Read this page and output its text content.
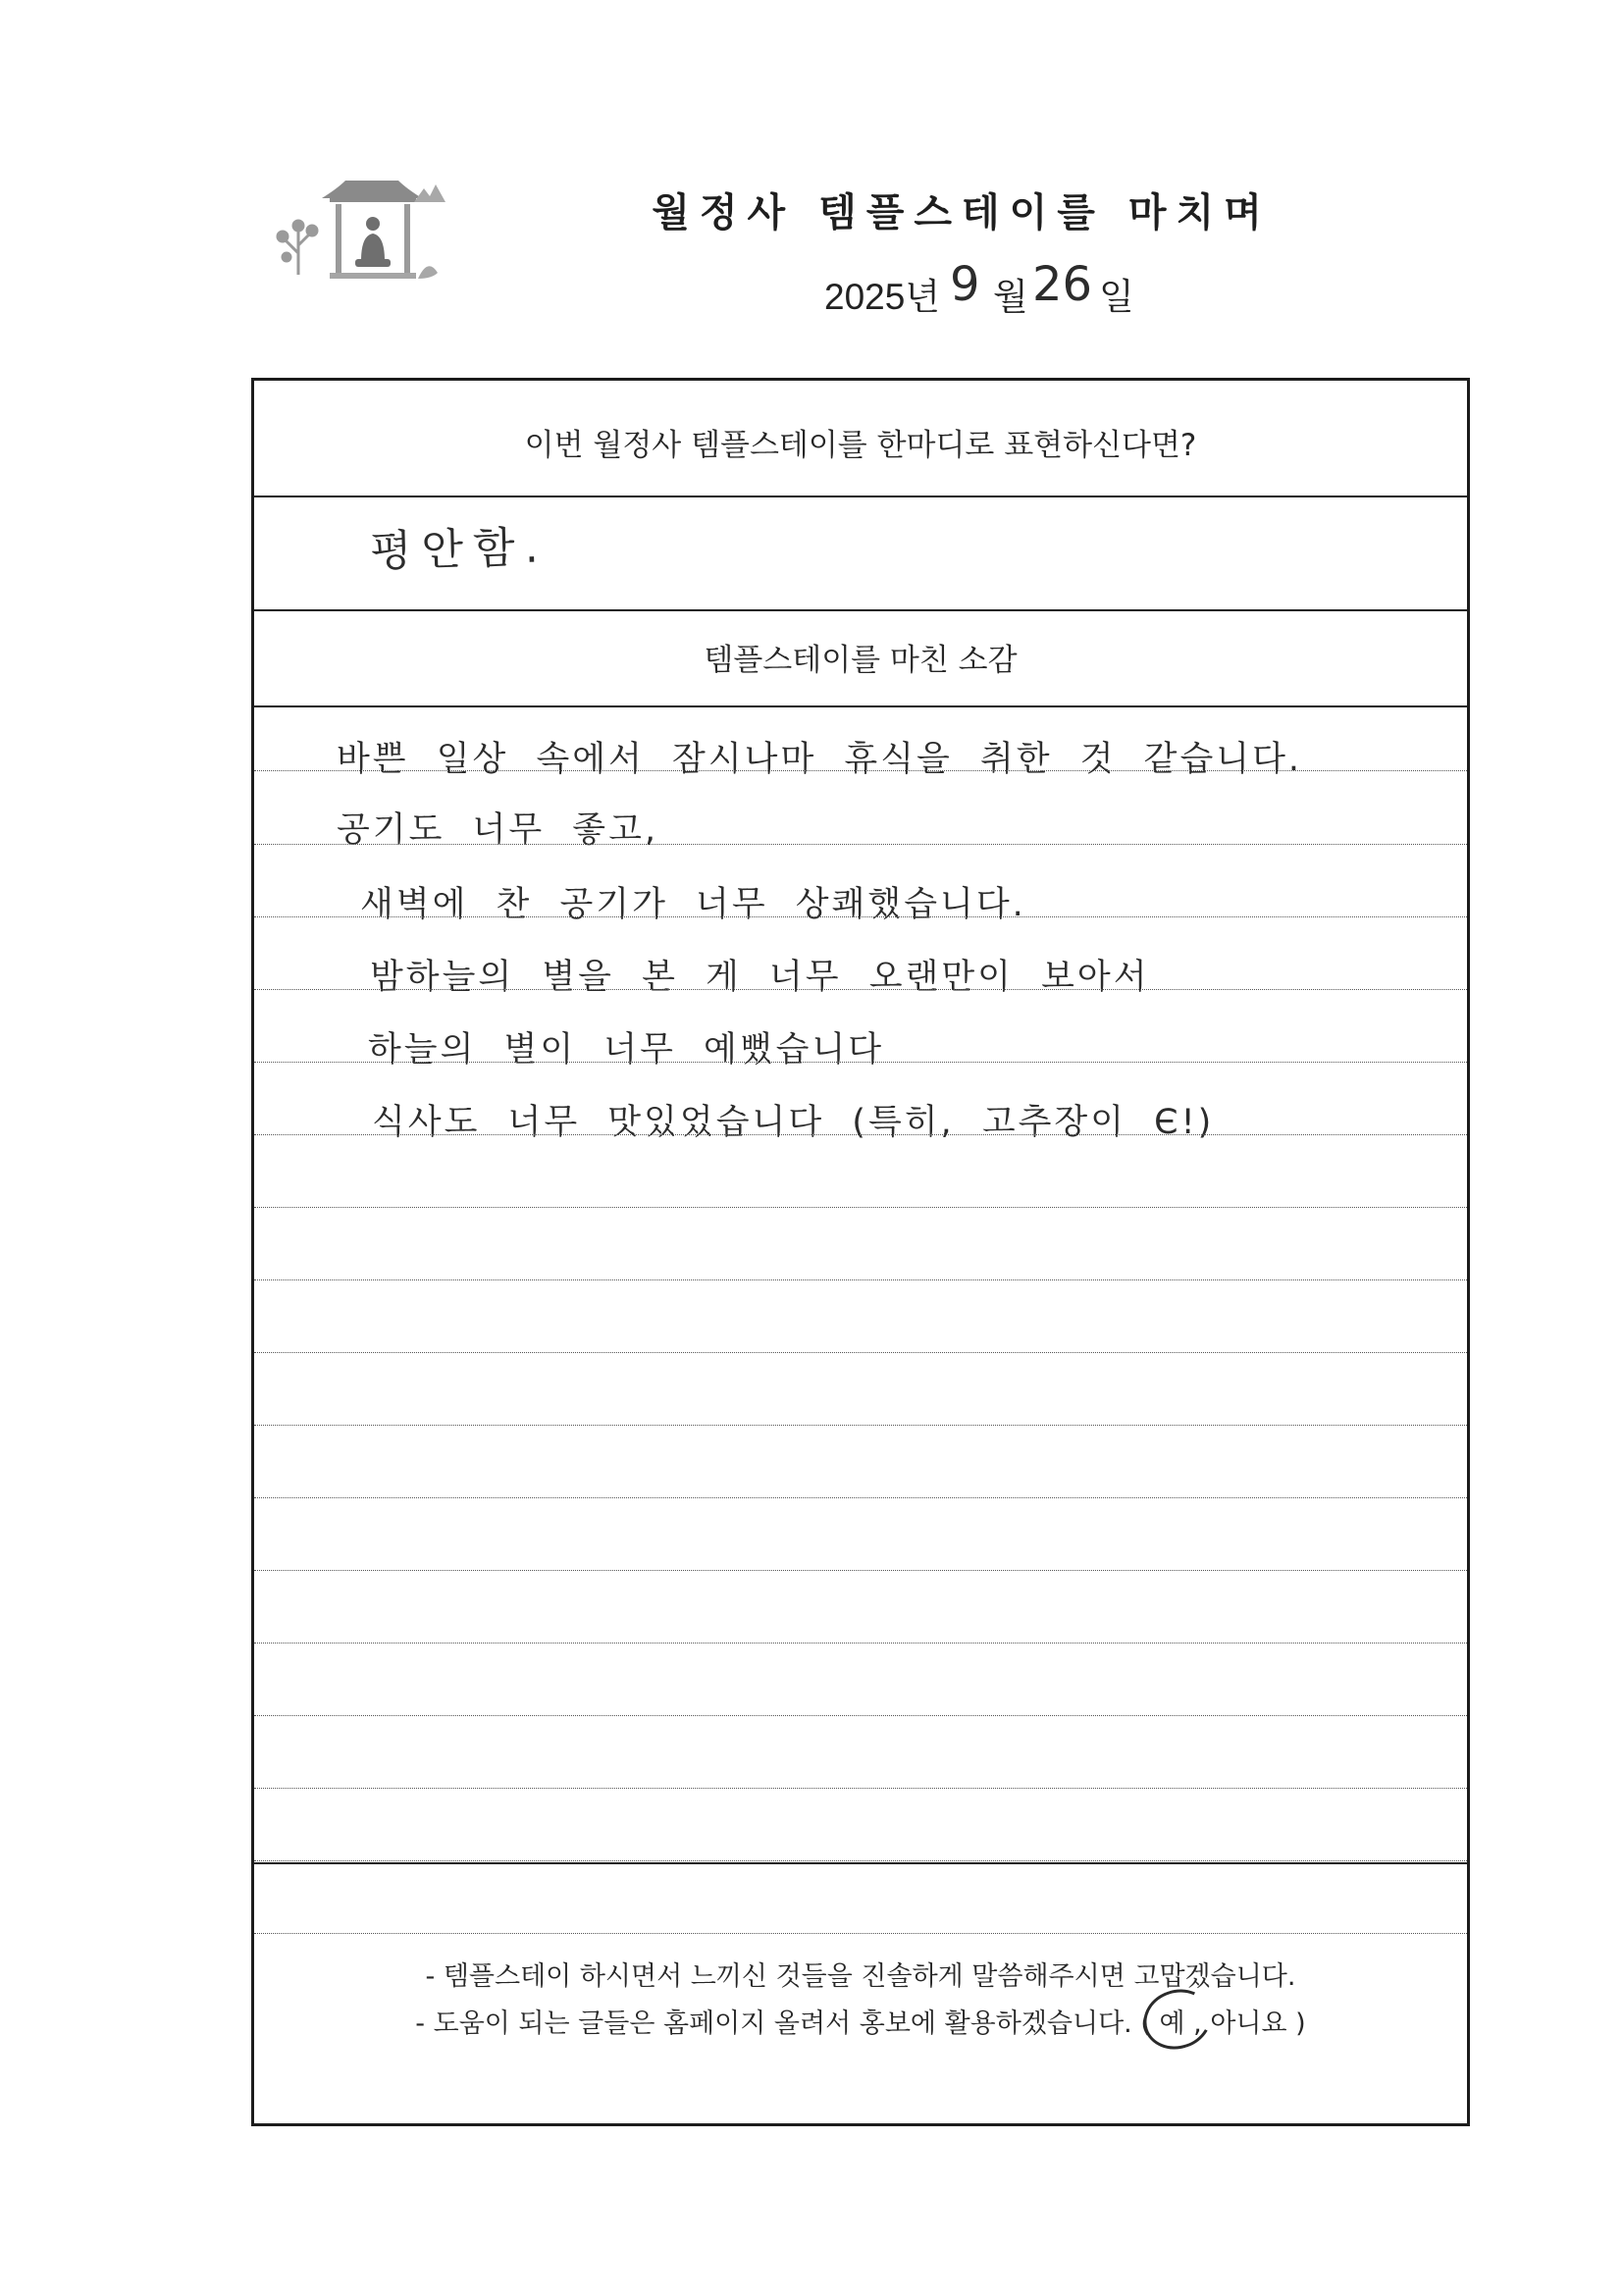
월정사 템플스테이를 마치며
2025년 9 월 26 일
이번 월정사 템플스테이를 한마디로 표현하신다면?
평안함.
템플스테이를 마친 소감
바쁜 일상 속에서 잠시나마 휴식을 취한 것 같습니다.
공기도 너무 좋고,
새벽에 찬 공기가 너무 상쾌했습니다.
밤하늘의 별을 본 게 너무 오랜만이 보아서
하늘의 별이 너무 예뻤습니다
식사도 너무 맛있었습니다 (특히, 고추장이 Є!)
- 템플스테이 하시면서 느끼신 것들을 진솔하게 말씀해주시면 고맙겠습니다.
- 도움이 되는 글들은 홈페이지 올려서 홍보에 활용하겠습니다. ( 예
, 아니요 )
